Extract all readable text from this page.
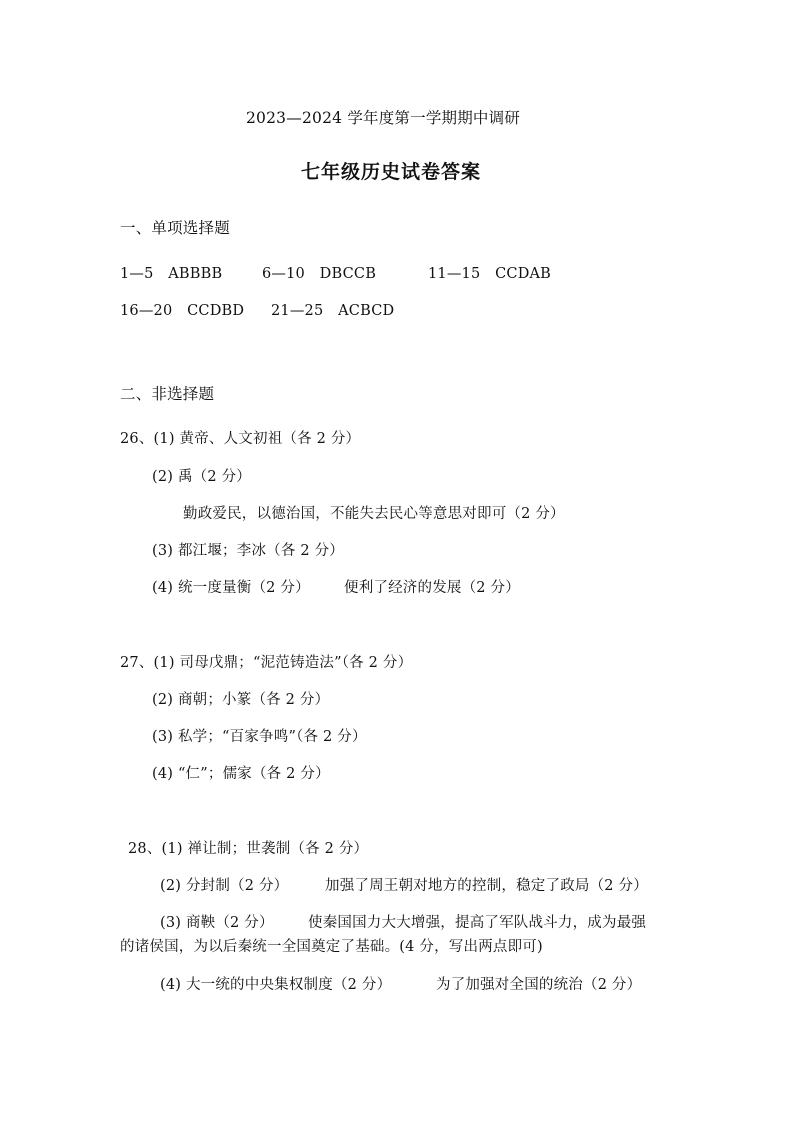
2023—2024 学年度第一学期期中调研
七年级历史试卷答案
一、单项选择题
1—5　ABBBB	6—10　DBCCB	11—15　CCDAB
16—20　CCDBD 21—25　ACBCD
二、非选择题
26、(1) 黄帝、人文初祖（各 2 分）
(2) 禹（2 分）
勤政爱民，以德治国，不能失去民心等意思对即可（2 分）
(3) 都江堰；李冰（各 2 分）
(4) 统一度量衡（2 分） 便利了经济的发展（2 分）
27、(1) 司母戊鼎；“泥范铸造法”（各 2 分）
(2) 商朝；小篆（各 2 分）
(3) 私学；“百家争鸣”（各 2 分）
(4) “仁”；儒家（各 2 分）
28、(1) 禅让制；世袭制（各 2 分）
(2) 分封制（2 分）	加强了周王朝对地方的控制，稳定了政局（2 分）
(3) 商鞅（2 分） 使秦国国力大大增强，提高了军队战斗力，成为最强
的诸侯国，为以后秦统一全国奠定了基础。(4 分，写出两点即可)
(4) 大一统的中央集权制度（2 分）	为了加强对全国的统治（2 分）
